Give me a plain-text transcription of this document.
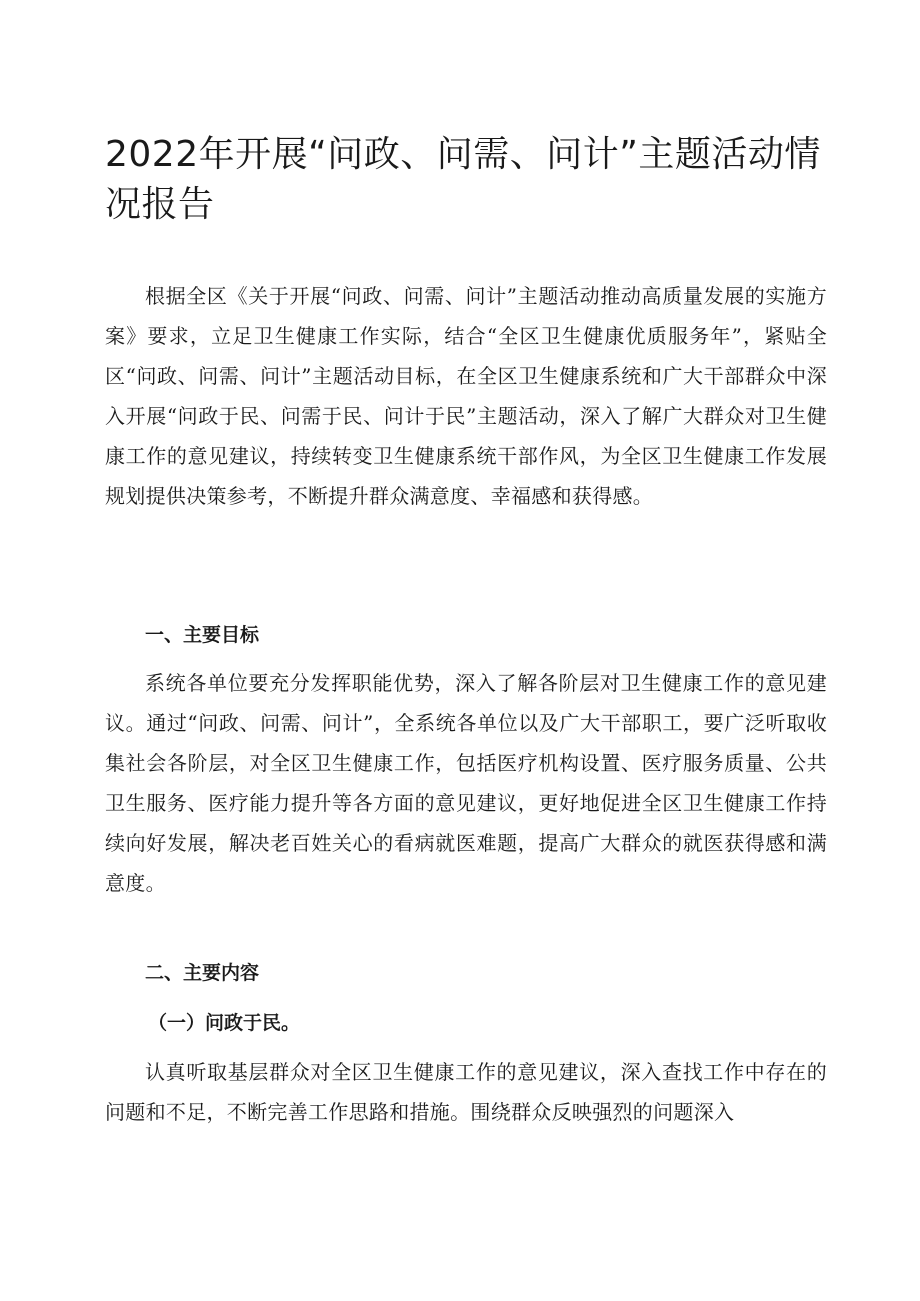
2022年开展“问政、问需、问计”主题活动情况报告

根据全区《关于开展“问政、问需、问计”主题活动推动高质量发展的实施方案》要求，立足卫生健康工作实际，结合“全区卫生健康优质服务年”，紧贴全区“问政、问需、问计”主题活动目标，在全区卫生健康系统和广大干部群众中深入开展“问政于民、问需于民、问计于民”主题活动，深入了解广大群众对卫生健康工作的意见建议，持续转变卫生健康系统干部作风，为全区卫生健康工作发展规划提供决策参考，不断提升群众满意度、幸福感和获得感。

一、主要目标

系统各单位要充分发挥职能优势，深入了解各阶层对卫生健康工作的意见建议。通过“问政、问需、问计”，全系统各单位以及广大干部职工，要广泛听取收集社会各阶层，对全区卫生健康工作，包括医疗机构设置、医疗服务质量、公共卫生服务、医疗能力提升等各方面的意见建议，更好地促进全区卫生健康工作持续向好发展，解决老百姓关心的看病就医难题，提高广大群众的就医获得感和满意度。

二、主要内容
（一）问政于民。

认真听取基层群众对全区卫生健康工作的意见建议，深入查找工作中存在的问题和不足，不断完善工作思路和措施。围绕群众反映强烈的问题深入
